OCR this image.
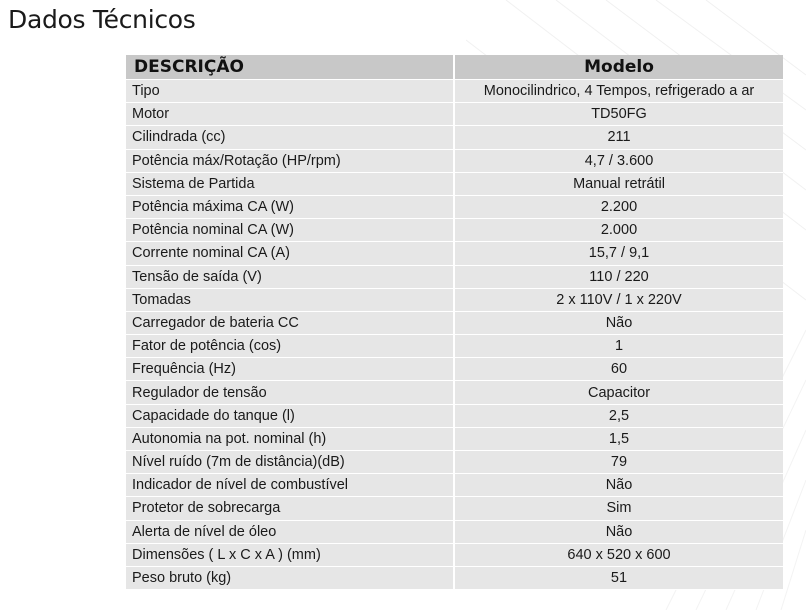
Dados Técnicos
DESCRIÇÃO	Modelo
Tipo	Monocilindrico, 4 Tempos, refrigerado a ar
Motor	TD50FG
Cilindrada (cc)	211
Potência máx/Rotação (HP/rpm)	4,7 / 3.600
Sistema de Partida	Manual retrátil
Potência máxima CA (W)	2.200
Potência nominal CA (W)	2.000
Corrente nominal CA (A)	15,7 / 9,1
Tensão de saída (V)	110 / 220
Tomadas	2 x 110V / 1 x 220V
Carregador de bateria CC	Não
Fator de potência (cos)	1
Frequência (Hz)	60
Regulador de tensão	Capacitor
Capacidade do tanque (l)	2,5
Autonomia na pot. nominal (h)	1,5
Nível ruído (7m de distância)(dB)	79
Indicador de nível de combustível	Não
Protetor de sobrecarga	Sim
Alerta de nível de óleo	Não
Dimensões ( L x C x A ) (mm)	640 x 520 x 600
Peso bruto (kg)	51
